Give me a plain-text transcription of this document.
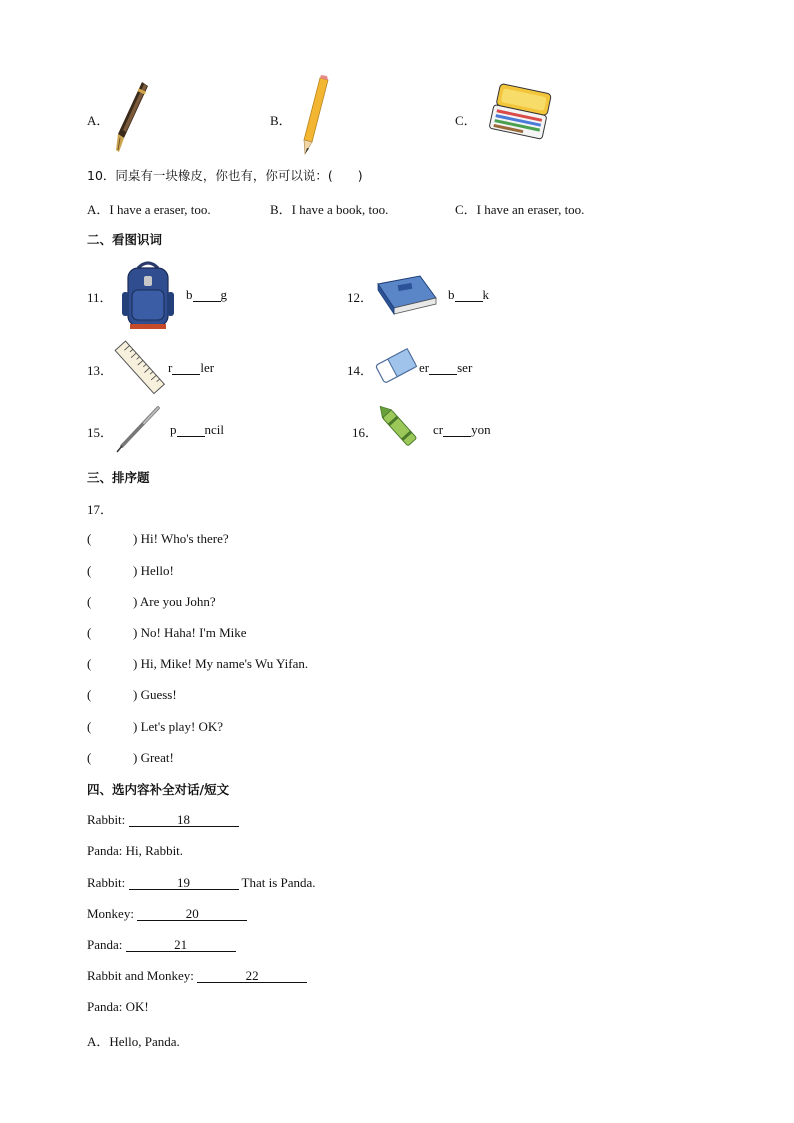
A．	B．	C．
10．同桌有一块橡皮，你也有，你可以说：(　　)
A．I have a eraser, too.	B．I have a book, too.	C．I have an eraser, too.
二、看图识词
11．	b g	12．	b k
13．	r ler	14．	er ser
15．	p ncil	16．	cr yon
三、排序题
17．
(	) Hi! Who's there?
(	) Hello!
(	) Are you John?
(	) No! Haha! I'm Mike
(	) Hi, Mike! My name's Wu Yifan.
(	) Guess!
(	) Let's play! OK?
(	) Great!
四、选内容补全对话/短文
Rabbit:	18
Panda: Hi, Rabbit.
Rabbit:	19	That is Panda.
Monkey:	20
Panda:	21
Rabbit and Monkey:	22
Panda: OK!
A．Hello, Panda.
